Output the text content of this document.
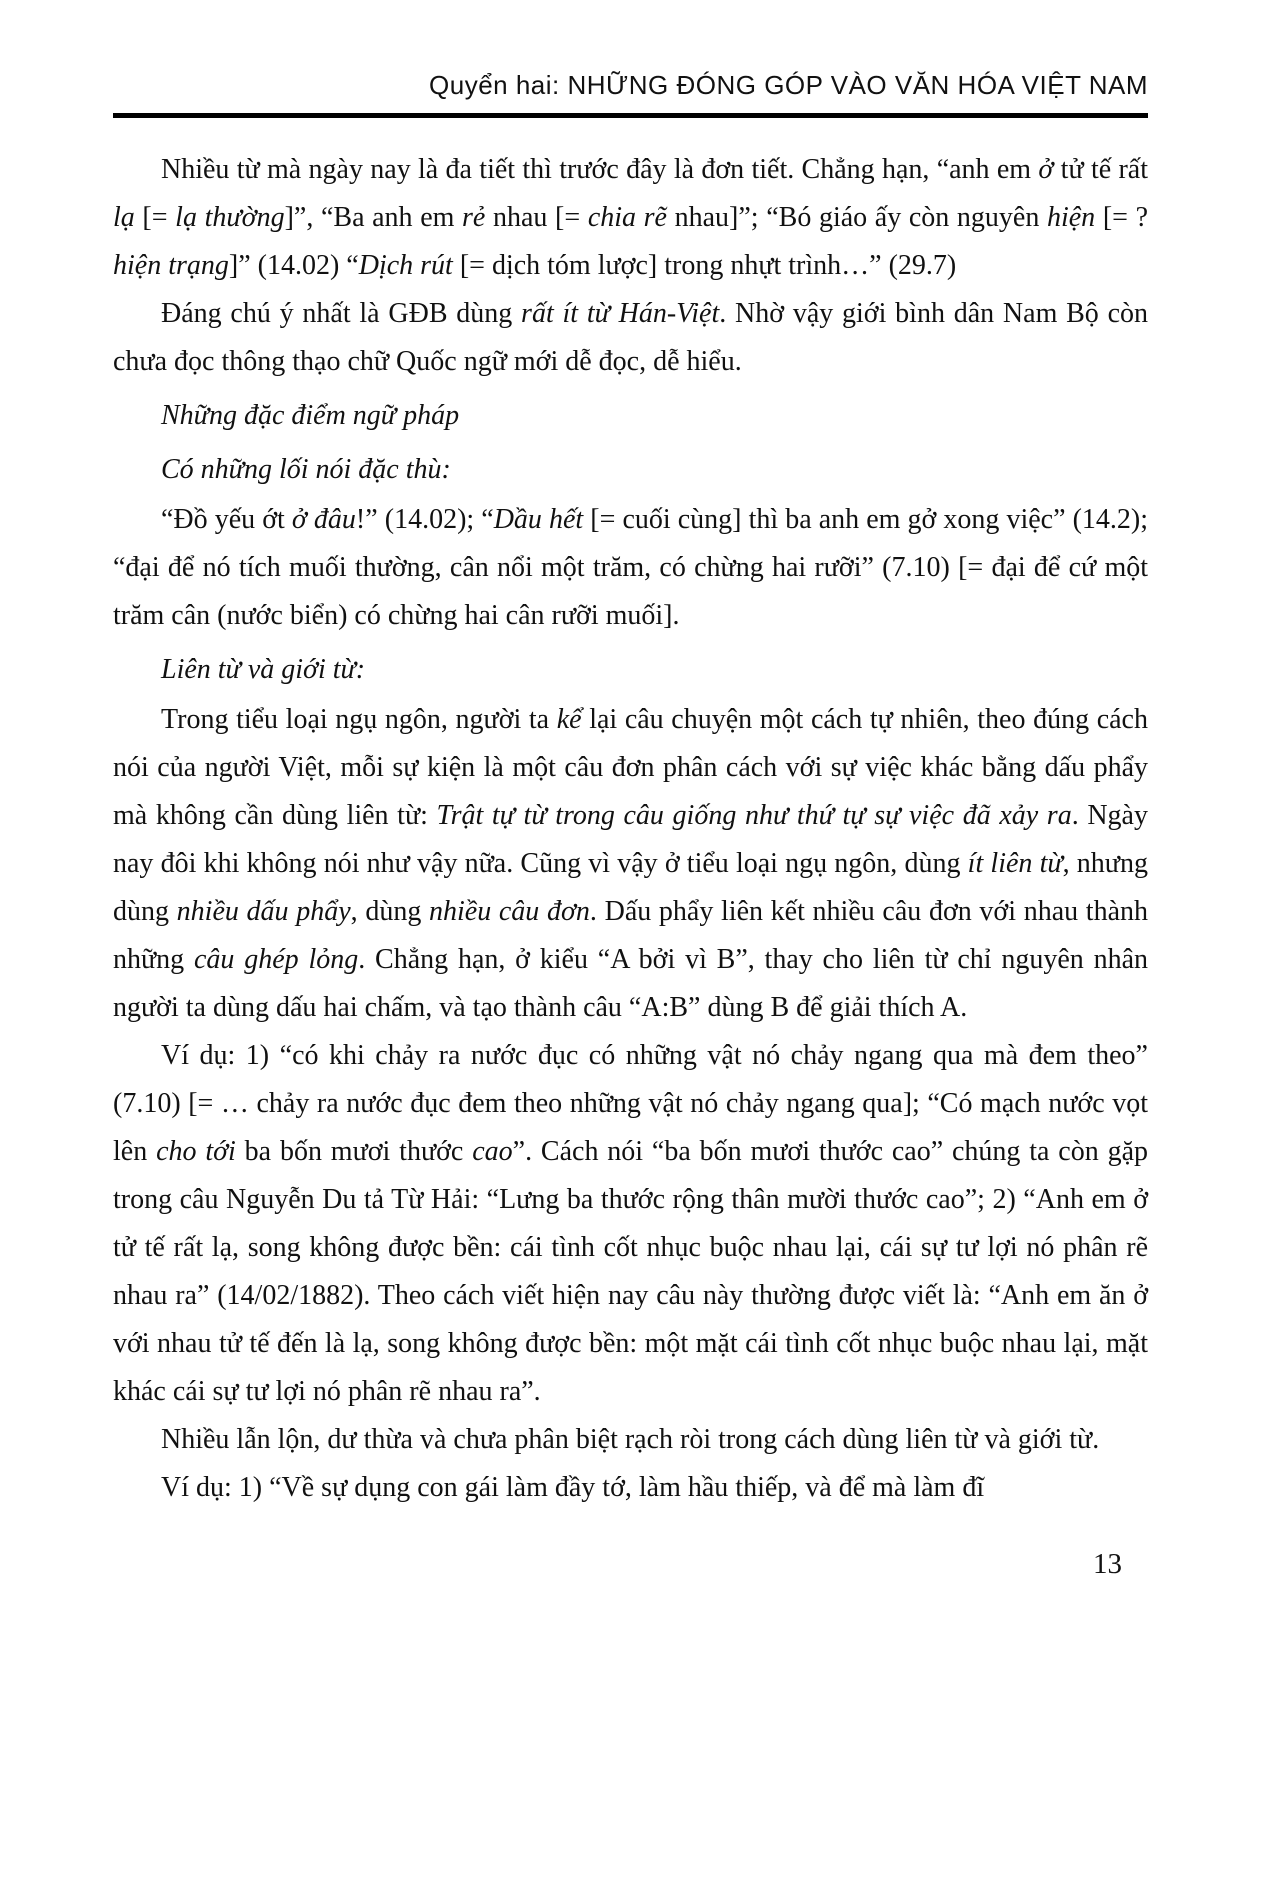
Quyển hai: NHỮNG ĐÓNG GÓP VÀO VĂN HÓA VIỆT NAM

Nhiều từ mà ngày nay là đa tiết thì trước đây là đơn tiết. Chẳng hạn, “anh em ở tử tế rất lạ [= lạ thường]”, “Ba anh em rẻ nhau [= chia rẽ nhau]”; “Bó giáo ấy còn nguyên hiện [= ? hiện trạng]” (14.02) “Dịch rút [= dịch tóm lược] trong nhựt trình…” (29.7)

Đáng chú ý nhất là GĐB dùng rất ít từ Hán-Việt. Nhờ vậy giới bình dân Nam Bộ còn chưa đọc thông thạo chữ Quốc ngữ mới dễ đọc, dễ hiểu.

Những đặc điểm ngữ pháp

Có những lối nói đặc thù:

“Đồ yếu ớt ở đâu!” (14.02); “Dầu hết [= cuối cùng] thì ba anh em gở xong việc” (14.2); “đại để nó tích muối thường, cân nổi một trăm, có chừng hai rưỡi” (7.10) [= đại để cứ một trăm cân (nước biển) có chừng hai cân rưỡi muối].

Liên từ và giới từ:

Trong tiểu loại ngụ ngôn, người ta kể lại câu chuyện một cách tự nhiên, theo đúng cách nói của người Việt, mỗi sự kiện là một câu đơn phân cách với sự việc khác bằng dấu phẩy mà không cần dùng liên từ: Trật tự từ trong câu giống như thứ tự sự việc đã xảy ra. Ngày nay đôi khi không nói như vậy nữa. Cũng vì vậy ở tiểu loại ngụ ngôn, dùng ít liên từ, nhưng dùng nhiều dấu phẩy, dùng nhiều câu đơn. Dấu phẩy liên kết nhiều câu đơn với nhau thành những câu ghép lỏng. Chẳng hạn, ở kiểu “A bởi vì B”, thay cho liên từ chỉ nguyên nhân người ta dùng dấu hai chấm, và tạo thành câu “A:B” dùng B để giải thích A.

Ví dụ: 1) “có khi chảy ra nước đục có những vật nó chảy ngang qua mà đem theo” (7.10) [= … chảy ra nước đục đem theo những vật nó chảy ngang qua]; “Có mạch nước vọt lên cho tới ba bốn mươi thước cao”. Cách nói “ba bốn mươi thước cao” chúng ta còn gặp trong câu Nguyễn Du tả Từ Hải: “Lưng ba thước rộng thân mười thước cao”; 2) “Anh em ở tử tế rất lạ, song không được bền: cái tình cốt nhục buộc nhau lại, cái sự tư lợi nó phân rẽ nhau ra” (14/02/1882). Theo cách viết hiện nay câu này thường được viết là: “Anh em ăn ở với nhau tử tế đến là lạ, song không được bền: một mặt cái tình cốt nhục buộc nhau lại, mặt khác cái sự tư lợi nó phân rẽ nhau ra”.

Nhiều lẫn lộn, dư thừa và chưa phân biệt rạch ròi trong cách dùng liên từ và giới từ.

Ví dụ: 1) “Về sự dụng con gái làm đầy tớ, làm hầu thiếp, và để mà làm đĩ

13
